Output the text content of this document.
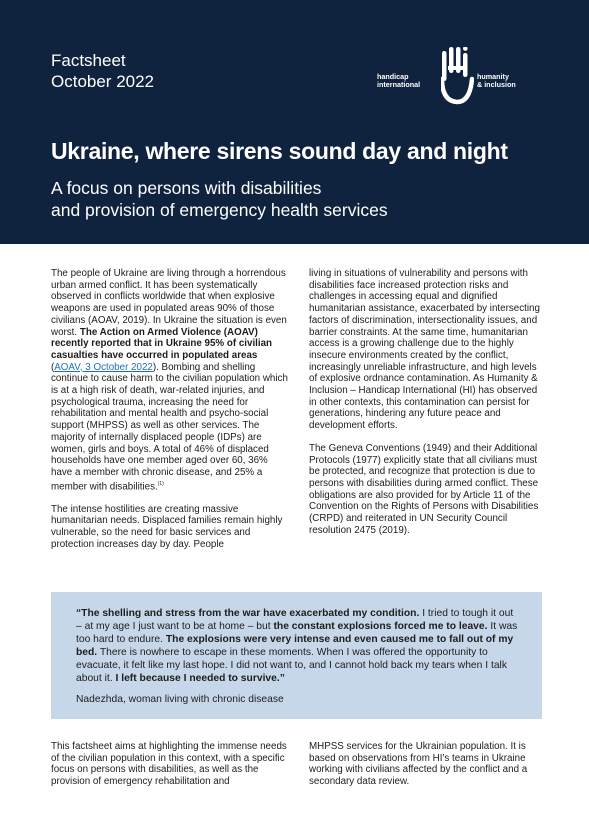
Factsheet
October 2022	handicap
international
humanity
& inclusion
Ukraine, where sirens sound day and night
A focus on persons with disabilities
and provision of emergency health services

The people of Ukraine are living through a horrendous urban armed conflict. It has been systematically observed in conflicts worldwide that when explosive weapons are used in populated areas 90% of those civilians (AOAV, 2019). In Ukraine the situation is even worst. The Action on Armed Violence (AOAV) recently reported that in Ukraine 95% of civilian casualties have occurred in populated areas (AOAV, 3 October 2022). Bombing and shelling continue to cause harm to the civilian population which is at a high risk of death, war-related injuries, and psychological trauma, increasing the need for rehabilitation and mental health and psycho-social support (MHPSS) as well as other services. The majority of internally displaced people (IDPs) are women, girls and boys. A total of 46% of displaced households have one member aged over 60, 36% have a member with chronic disease, and 25% a member with disabilities.$^{(1)}$

The intense hostilities are creating massive humanitarian needs. Displaced families remain highly vulnerable, so the need for basic services and protection increases day by day. People

living in situations of vulnerability and persons with disabilities face increased protection risks and challenges in accessing equal and dignified humanitarian assistance, exacerbated by intersecting factors of discrimination, intersectionality issues, and barrier constraints. At the same time, humanitarian access is a growing challenge due to the highly insecure environments created by the conflict, increasingly unreliable infrastructure, and high levels of explosive ordnance contamination. As Humanity & Inclusion – Handicap International (HI) has observed in other contexts, this contamination can persist for generations, hindering any future peace and development efforts.

The Geneva Conventions (1949) and their Additional Protocols (1977) explicitly state that all civilians must be protected, and recognize that protection is due to persons with disabilities during armed conflict. These obligations are also provided for by Article 11 of the Convention on the Rights of Persons with Disabilities (CRPD) and reiterated in UN Security Council resolution 2475 (2019).

“The shelling and stress from the war have exacerbated my condition. I tried to tough it out – at my age I just want to be at home – but the constant explosions forced me to leave. It was too hard to endure. The explosions were very intense and even caused me to fall out of my bed. There is nowhere to escape in these moments. When I was offered the opportunity to evacuate, it felt like my last hope. I did not want to, and I cannot hold back my tears when I talk about it. I left because I needed to survive.”
Nadezhda, woman living with chronic disease

This factsheet aims at highlighting the immense needs of the civilian population in this context, with a specific focus on persons with disabilities, as well as the provision of emergency rehabilitation and

MHPSS services for the Ukrainian population. It is based on observations from HI’s teams in Ukraine working with civilians affected by the conflict and a secondary data review.
